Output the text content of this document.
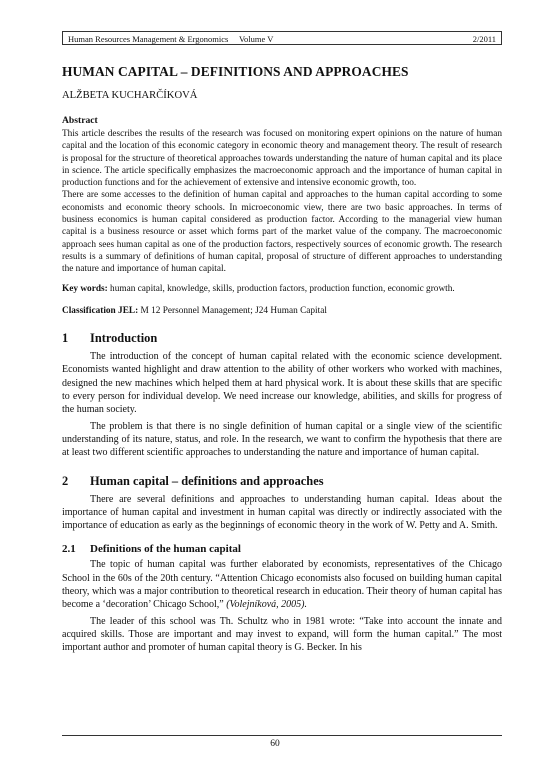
Human Resources Management & Ergonomics Volume V	2/2011
HUMAN CAPITAL – DEFINITIONS AND APPROACHES
ALŽBETA KUCHARČÍKOVÁ
Abstract

This article describes the results of the research was focused on monitoring expert opinions on the nature of human capital and the location of this economic category in economic theory and management theory. The result of research is proposal for the structure of theoretical approaches towards understanding the nature of human capital and its place in science. The article specifically emphasizes the macroeconomic approach and the importance of human capital in production functions and for the achievement of extensive and intensive economic growth, too.

There are some accesses to the definition of human capital and approaches to the human capital according to some economists and economic theory schools. In microeconomic view, there are two basic approaches. In terms of business economics is human capital considered as production factor. According to the managerial view human capital is a business resource or asset which forms part of the market value of the company. The macroeconomic approach sees human capital as one of the production factors, respectively sources of economic growth. The research results is a summary of definitions of human capital, proposal of structure of different approaches to understanding the nature and importance of human capital.

Key words: human capital, knowledge, skills, production factors, production function, economic growth.

Classification JEL: M 12 Personnel Management; J24 Human Capital

1	Introduction

The introduction of the concept of human capital related with the economic science development. Economists wanted highlight and draw attention to the ability of other workers who worked with machines, designed the new machines which helped them at hard physical work. It is about these skills that are specific to every person for individual develop. We need increase our knowledge, abilities, and skills for progress of the human society.

The problem is that there is no single definition of human capital or a single view of the scientific understanding of its nature, status, and role. In the research, we want to confirm the hypothesis that there are at least two different scientific approaches to understanding the nature and importance of human capital.

2	Human capital – definitions and approaches

There are several definitions and approaches to understanding human capital. Ideas about the importance of human capital and investment in human capital was directly or indirectly associated with the importance of education as early as the beginnings of economic theory in the work of W. Petty and A. Smith.

2.1	Definitions of the human capital

The topic of human capital was further elaborated by economists, representatives of the Chicago School in the 60s of the 20th century. “Attention Chicago economists also focused on building human capital theory, which was a major contribution to theoretical research in education. Their theory of human capital has become a ‘decoration’ Chicago School,” (Volejníková, 2005).

The leader of this school was Th. Schultz who in 1981 wrote: “Take into account the innate and acquired skills. Those are important and may invest to expand, will form the human capital.” The most important author and promoter of human capital theory is G. Becker. In his

60
